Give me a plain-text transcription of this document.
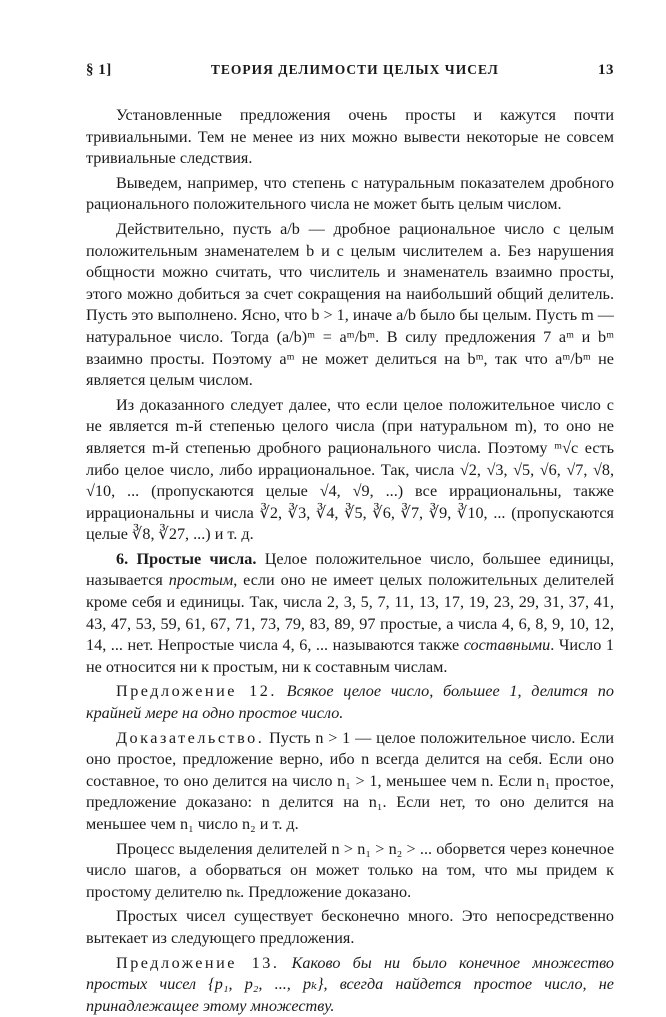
§ 1]	ТЕОРИЯ ДЕЛИМОСТИ ЦЕЛЫХ ЧИСЕЛ	13

Установленные предложения очень просты и кажутся почти тривиальными. Тем не менее из них можно вывести некоторые не совсем тривиальные следствия.

Выведем, например, что степень с натуральным показателем дробного рационального положительного числа не может быть целым числом.

Действительно, пусть a/b — дробное рациональное число с целым положительным знаменателем b и с целым числителем a. Без нарушения общности можно считать, что числитель и знаменатель взаимно просты, этого можно добиться за счет сокращения на наибольший общий делитель. Пусть это выполнено. Ясно, что b > 1, иначе a/b было бы целым. Пусть m — натуральное число. Тогда (a/b)ᵐ = aᵐ/bᵐ. В силу предложения 7 aᵐ и bᵐ взаимно просты. Поэтому aᵐ не может делиться на bᵐ, так что aᵐ/bᵐ не является целым числом.

Из доказанного следует далее, что если целое положительное число c не является m-й степенью целого числа (при натуральном m), то оно не является m-й степенью дробного рационального числа. Поэтому ᵐ√c есть либо целое число, либо иррациональное. Так, числа √2, √3, √5, √6, √7, √8, √10, ... (пропускаются целые √4, √9, ...) все иррациональны, также иррациональны и числа ∛2, ∛3, ∛4, ∛5, ∛6, ∛7, ∛9, ∛10, ... (пропускаются целые ∛8, ∛27, ...) и т. д.

6. Простые числа. Целое положительное число, большее единицы, называется простым, если оно не имеет целых положительных делителей кроме себя и единицы. Так, числа 2, 3, 5, 7, 11, 13, 17, 19, 23, 29, 31, 37, 41, 43, 47, 53, 59, 61, 67, 71, 73, 79, 83, 89, 97 простые, а числа 4, 6, 8, 9, 10, 12, 14, ... нет. Непростые числа 4, 6, ... называются также составными. Число 1 не относится ни к простым, ни к составным числам.

Предложение 12. Всякое целое число, большее 1, делится по крайней мере на одно простое число.

Доказательство. Пусть n > 1 — целое положительное число. Если оно простое, предложение верно, ибо n всегда делится на себя. Если оно составное, то оно делится на число n₁ > 1, меньшее чем n. Если n₁ простое, предложение доказано: n делится на n₁. Если нет, то оно делится на меньшее чем n₁ число n₂ и т. д.

Процесс выделения делителей n > n₁ > n₂ > ... оборвется через конечное число шагов, а оборваться он может только на том, что мы придем к простому делителю nₖ. Предложение доказано.

Простых чисел существует бесконечно много. Это непосредственно вытекает из следующего предложения.

Предложение 13. Каково бы ни было конечное множество простых чисел {p₁, p₂, ..., pₖ}, всегда найдется простое число, не принадлежащее этому множеству.
